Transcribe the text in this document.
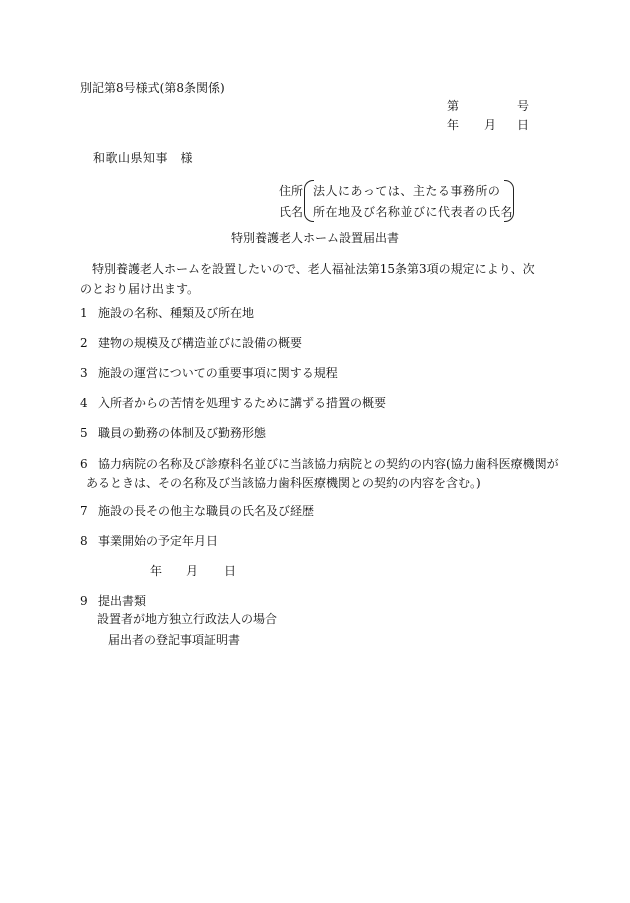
別記第8号様式(第8条関係)
第	号
年 月 日
和歌山県知事　様
住所
氏名
法人にあっては、主たる事務所の
所在地及び名称並びに代表者の氏名
特別養護老人ホーム設置届出書
特別養護老人ホームを設置したいので、老人福祉法第15条第3項の規定により、次のとおり届け出ます。
1 施設の名称、種類及び所在地
2 建物の規模及び構造並びに設備の概要
3 施設の運営についての重要事項に関する規程
4 入所者からの苦情を処理するために講ずる措置の概要
5 職員の勤務の体制及び勤務形態
6 協力病院の名称及び診療科名並びに当該協力病院との契約の内容(協力歯科医療機関が
あるときは、その名称及び当該協力歯科医療機関との契約の内容を含む。)
7 施設の長その他主な職員の氏名及び経歴
8 事業開始の予定年月日
年 月 日
9 提出書類
設置者が地方独立行政法人の場合
届出者の登記事項証明書
